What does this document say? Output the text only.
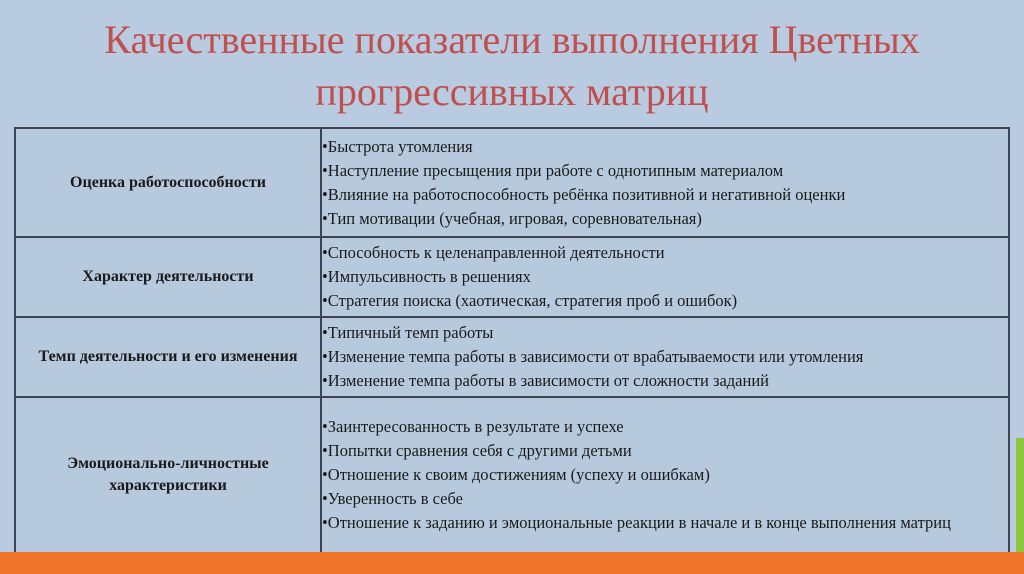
Качественные показатели выполнения Цветных
прогрессивных матриц
Оценка работоспособности	•Быстрота утомления
•Наступление пресыщения при работе с однотипным материалом
•Влияние на работоспособность ребёнка позитивной и негативной оценки
•Тип мотивации (учебная, игровая, соревновательная)

Характер деятельности	•Способность к целенаправленной деятельности
•Импульсивность в решениях
•Стратегия поиска (хаотическая, стратегия проб и ошибок)

Темп деятельности и его изменения	•Типичный темп работы
•Изменение темпа работы в зависимости от врабатываемости или утомления
•Изменение темпа работы в зависимости от сложности заданий

Эмоционально-личностные характеристики	•Заинтересованность в результате и успехе
•Попытки сравнения себя с другими детьми
•Отношение к своим достижениям (успеху и ошибкам)
•Уверенность в себе
•Отношение к заданию и эмоциональные реакции в начале и в конце выполнения матриц
